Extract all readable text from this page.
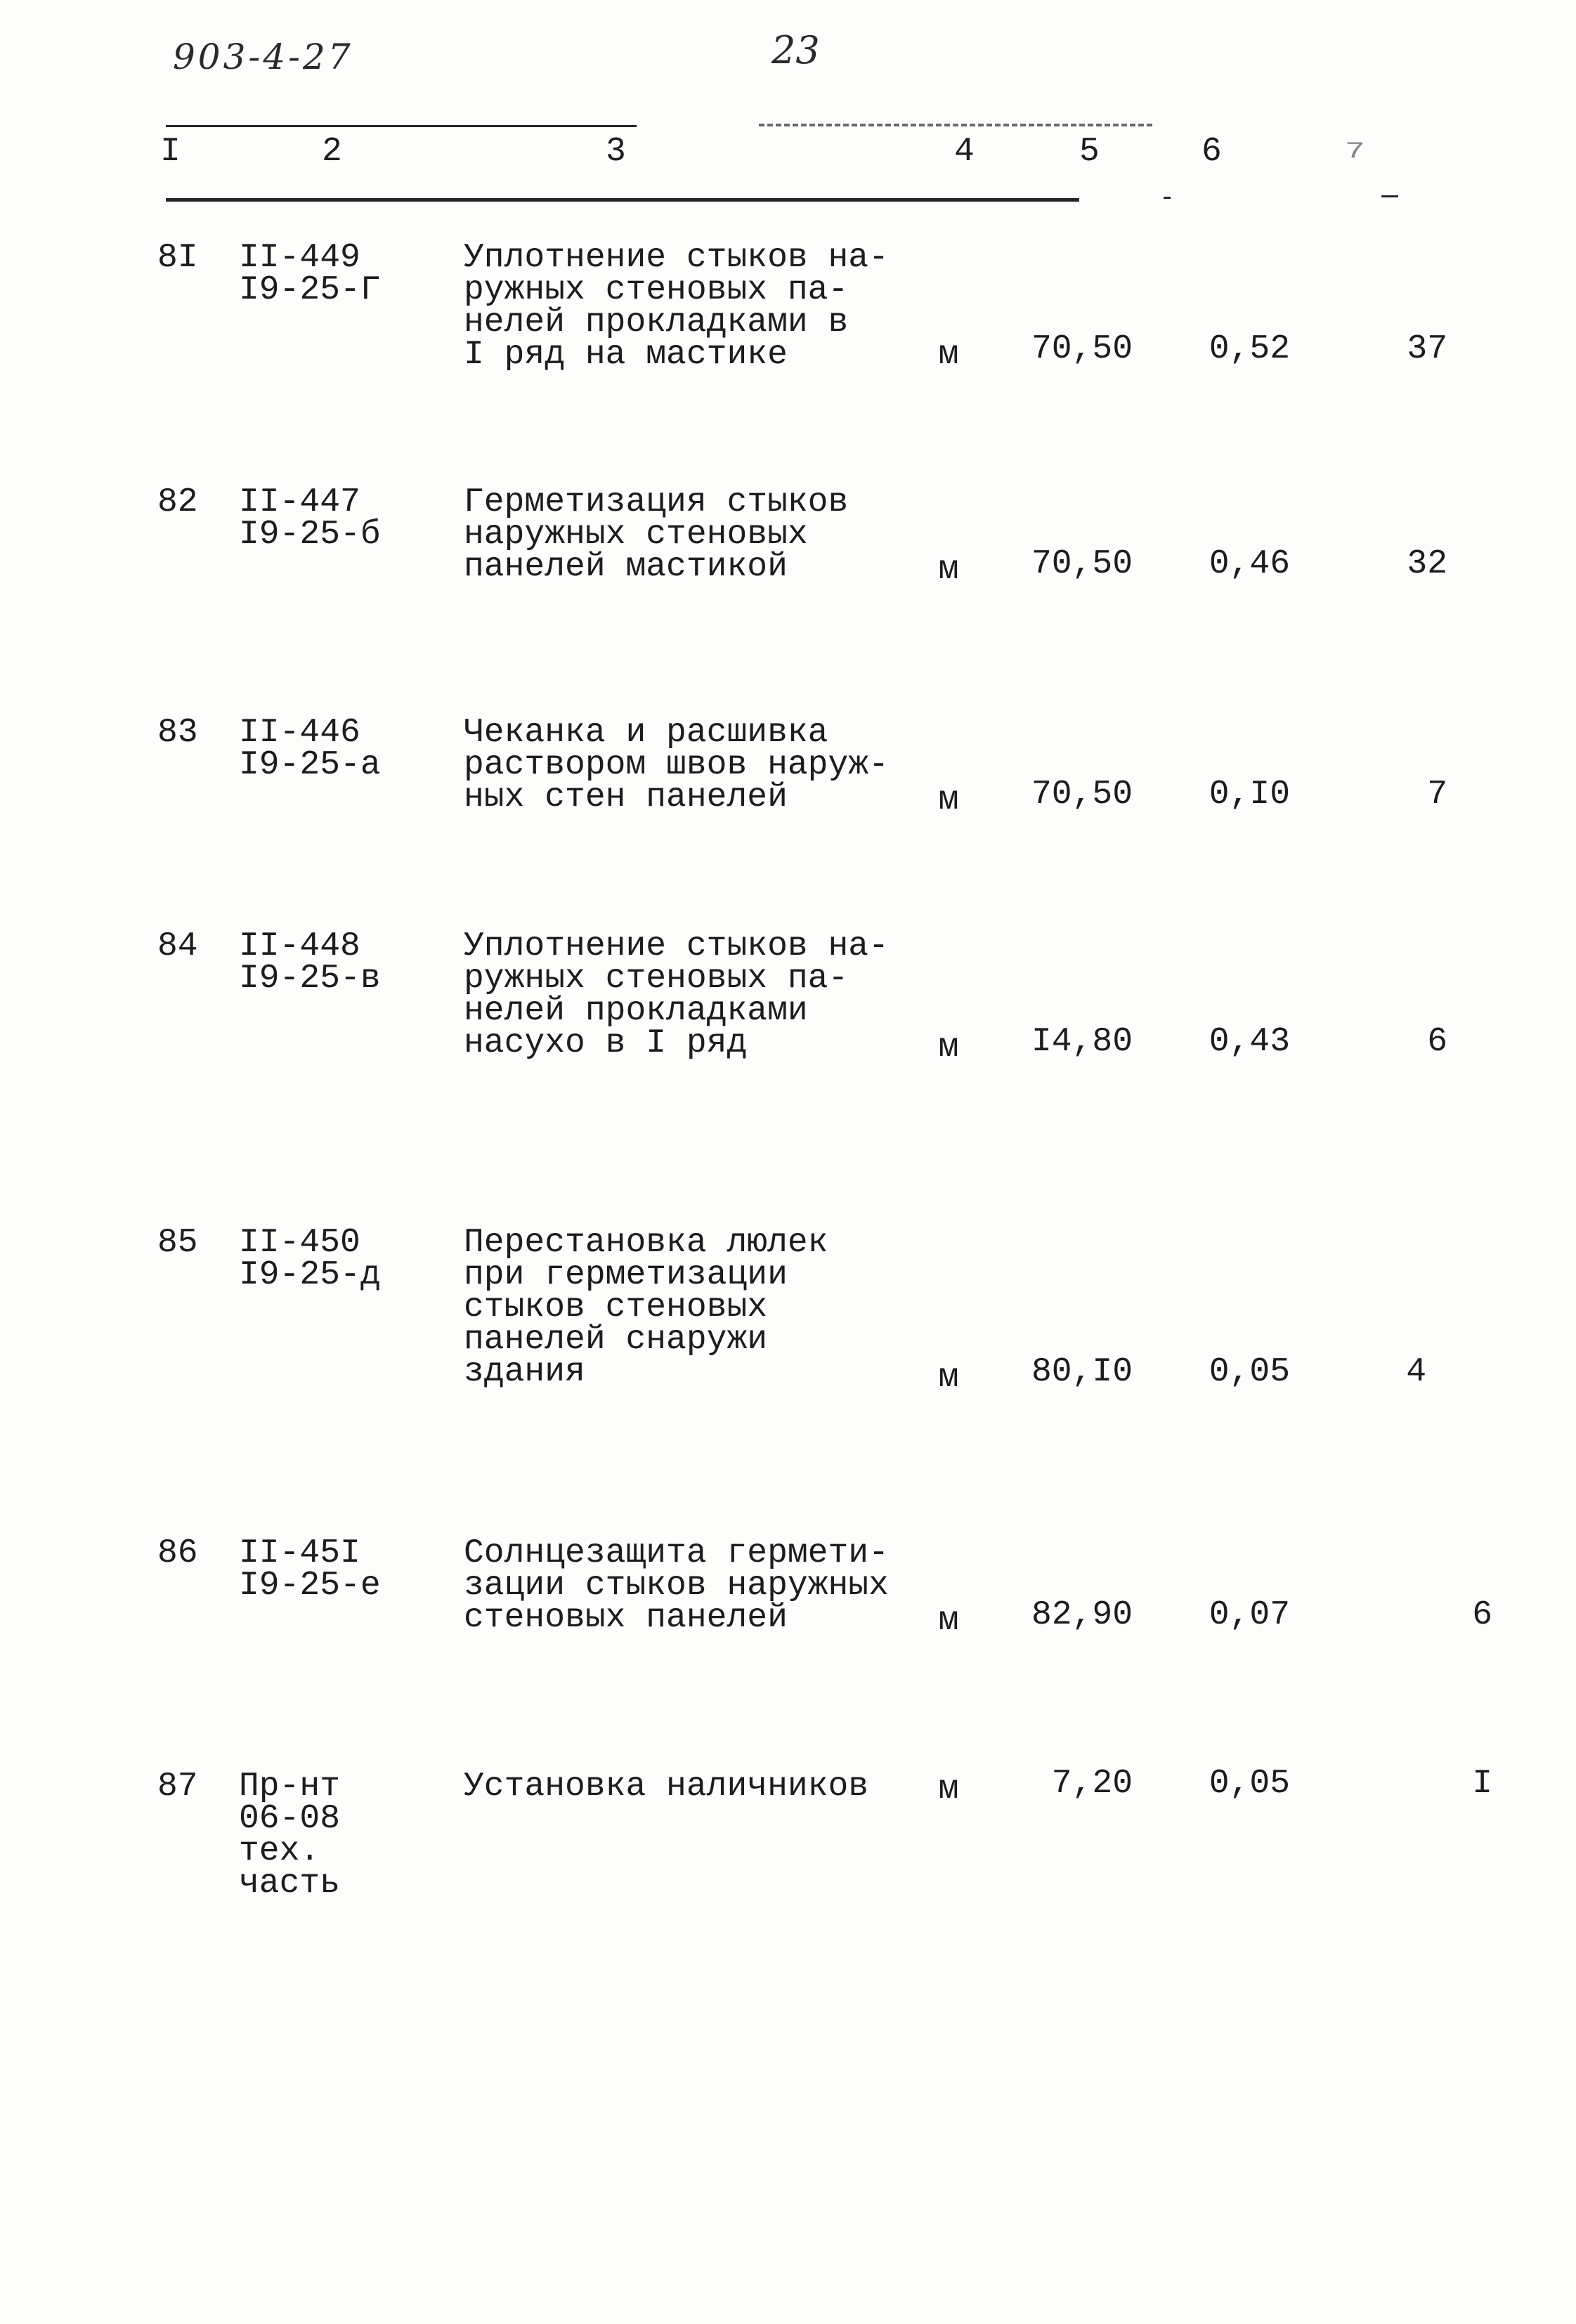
903-4-27	23
I	2	3	4	5	6	7
8I II-449
I9-25-Г
Уплотнение стыков на-
ружных стеновых па-
нелей прокладками в
I ряд на мастике	м	70,50	0,52	37
82 II-447
I9-25-б
Герметизация стыков
наружных стеновых
панелей мастикой	м	70,50	0,46	32
83 II-446
I9-25-а
Чеканка и расшивка
раствором швов наруж-
ных стен панелей	м	70,50	0,I0	7
84 II-448
I9-25-в
Уплотнение стыков на-
ружных стеновых па-
нелей прокладками
насухо в I ряд	м	I4,80	0,43	6
85 II-450
I9-25-д
Перестановка люлек
при герметизации
стыков стеновых
панелей снаружи
здания	м	80,I0	0,05	4
86 II-45I
I9-25-е
Солнцезащита гермети-
зации стыков наружных
стеновых панелей	м	82,90	0,07	6
87 Пр-нт
06-08
тех.
часть
Установка наличников	м	7,20	0,05	I
